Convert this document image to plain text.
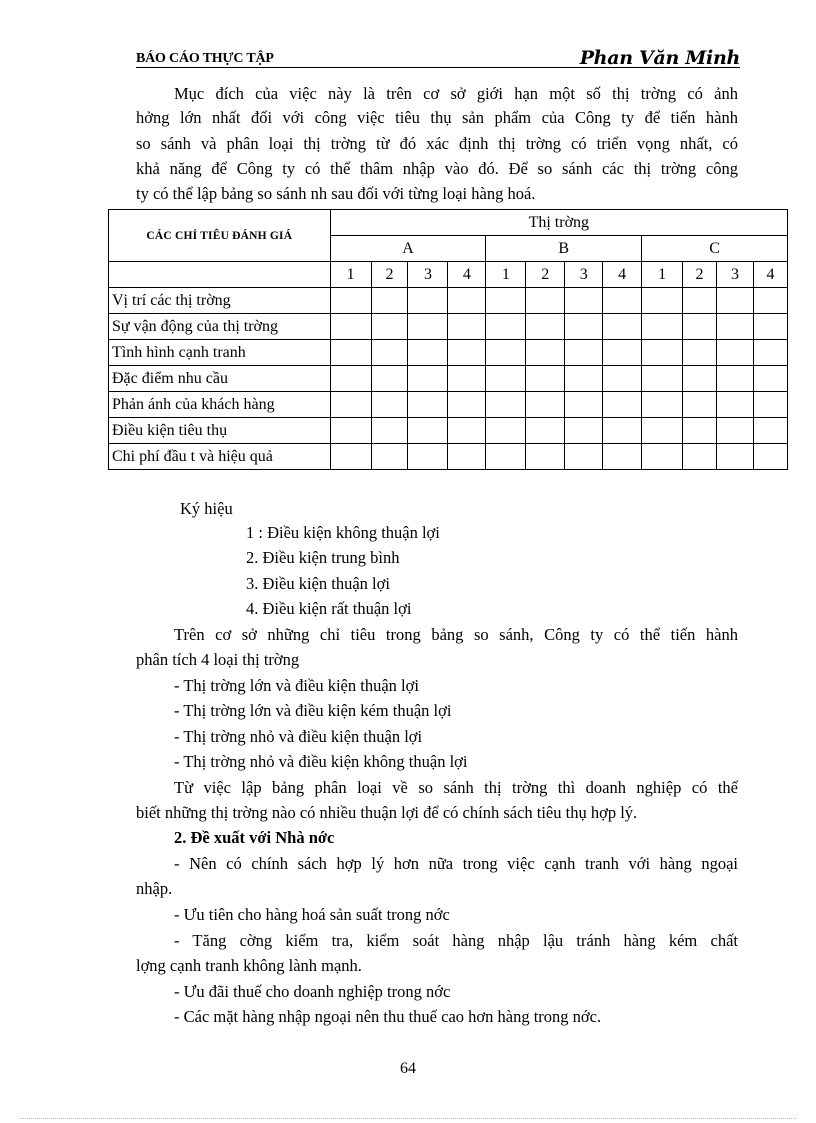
BÁO CÁO THỰC TẬP	Phan Văn Minh
Mục đích của việc này là trên cơ sở giới hạn một số thị trờng có ảnh
hởng lớn nhất đối với công việc tiêu thụ sản phẩm của Công ty để tiến hành
so sánh và phân loại thị trờng từ đó xác định thị trờng có triển vọng nhất, có
khả năng để Công ty có thể thâm nhập vào đó. Để so sánh các thị trờng công
ty có thể lập bảng so sánh nh sau đối với từng loại hàng hoá.
CÁC CHỈ TIÊU ĐÁNH GIÁ	Thị trờng											
	A				B				C			
	1	2	3	4	1	2	3	4	1	2	3	4
Vị trí các thị trờng												
Sự vận động của thị trờng												
Tình hình cạnh tranh												
Đặc điểm nhu cầu												
Phản ánh của khách hàng												
Điều kiện tiêu thụ												
Chi phí đầu t và hiệu quả												
Ký hiệu
1 : Điều kiện không thuận lợi
2. Điều kiện trung bình
3. Điều kiện thuận lợi
4. Điều kiện rất thuận lợi
Trên cơ sở những chỉ tiêu trong bảng so sánh, Công ty có thể tiến hành
phân tích 4 loại thị trờng
- Thị trờng lớn và điều kiện thuận lợi
- Thị trờng lớn và điều kiện kém thuận lợi
- Thị trờng nhỏ và điều kiện thuận lợi
- Thị trờng nhỏ và điều kiện không thuận lợi
Từ việc lập bảng phân loại về so sánh thị trờng thì doanh nghiệp có thể
biết những thị trờng nào có nhiều thuận lợi để có chính sách tiêu thụ hợp lý.
2. Đề xuất với Nhà nớc
- Nên có chính sách hợp lý hơn nữa trong việc cạnh tranh với hàng ngoại
nhập.
- Ưu tiên cho hàng hoá sản suất trong nớc
- Tăng cờng kiểm tra, kiểm soát hàng nhập lậu tránh hàng kém chất
lợng cạnh tranh không lành mạnh.
- Ưu đãi thuế cho doanh nghiệp trong nớc
- Các mặt hàng nhập ngoại nên thu thuế cao hơn hàng trong nớc.
64
